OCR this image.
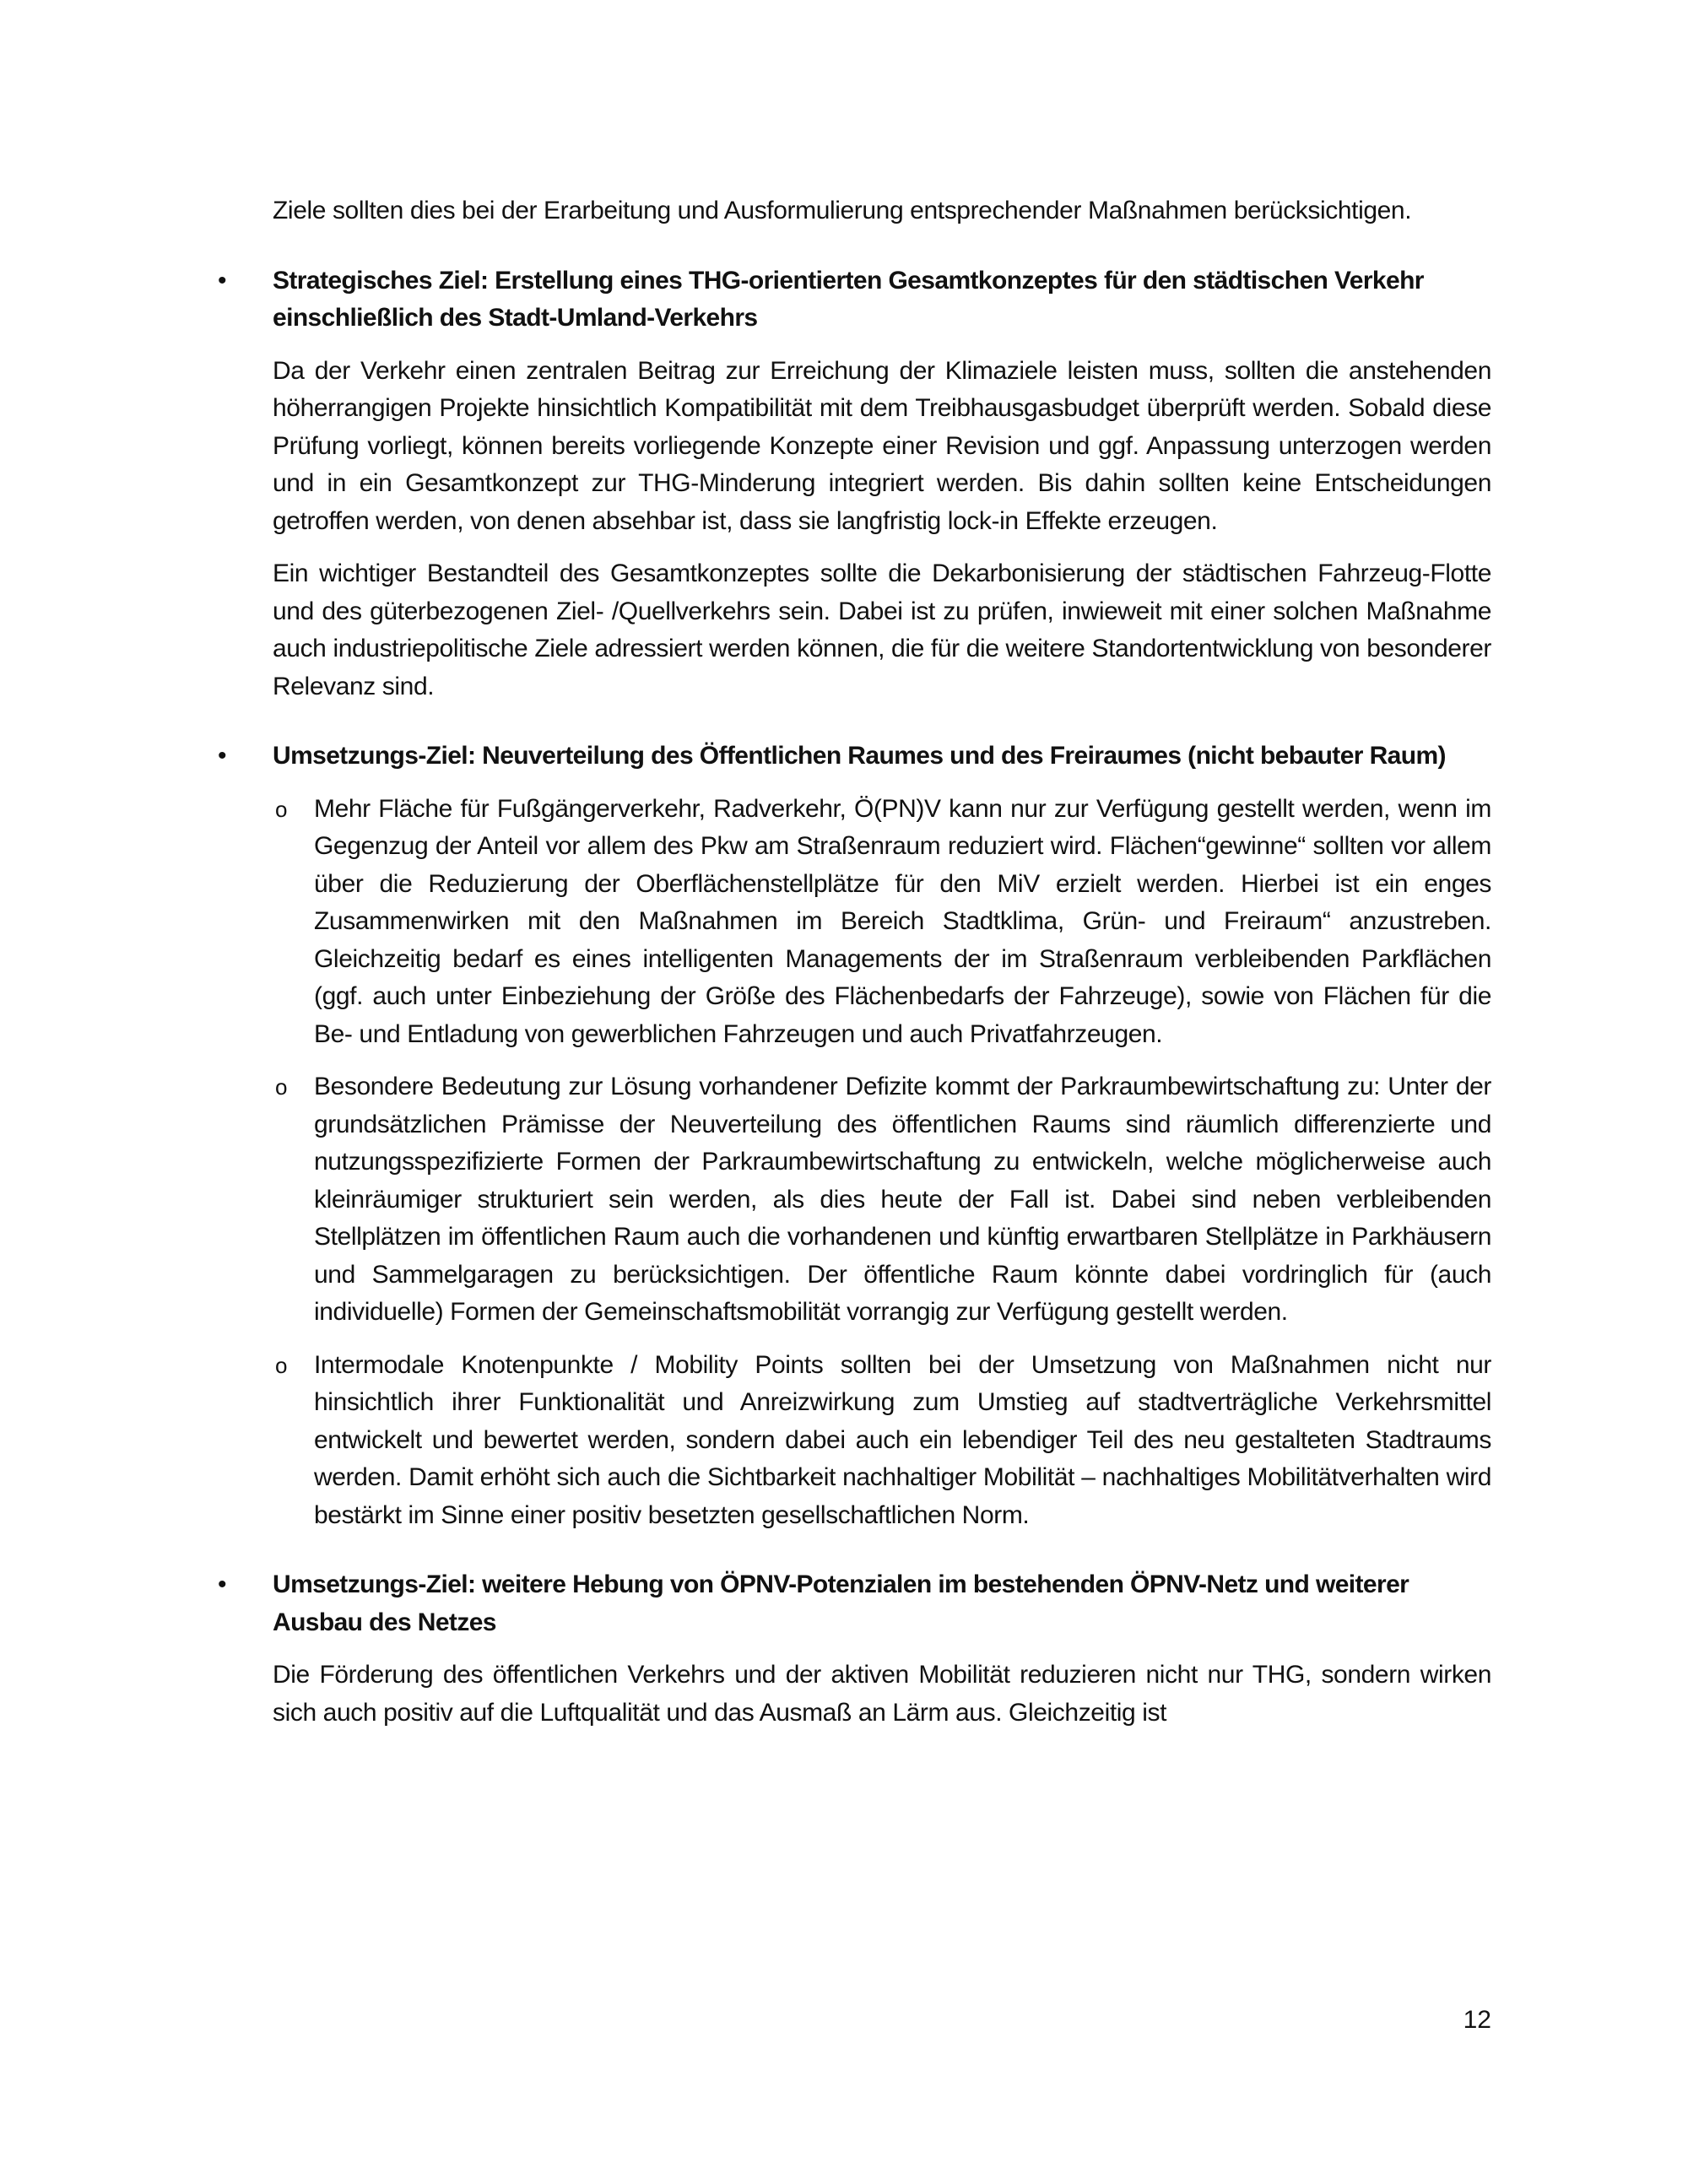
Ziele sollten dies bei der Erarbeitung und Ausformulierung entsprechender Maßnahmen berücksichtigen.

• Strategisches Ziel: Erstellung eines THG-orientierten Gesamtkonzeptes für den städtischen Verkehr einschließlich des Stadt-Umland-Verkehrs

Da der Verkehr einen zentralen Beitrag zur Erreichung der Klimaziele leisten muss, sollten die anstehenden höherrangigen Projekte hinsichtlich Kompatibilität mit dem Treibhausgasbudget überprüft werden. Sobald diese Prüfung vorliegt, können bereits vorliegende Konzepte einer Revision und ggf. Anpassung unterzogen werden und in ein Gesamtkonzept zur THG-Minderung integriert werden. Bis dahin sollten keine Entscheidungen getroffen werden, von denen absehbar ist, dass sie langfristig lock-in Effekte erzeugen.

Ein wichtiger Bestandteil des Gesamtkonzeptes sollte die Dekarbonisierung der städtischen Fahrzeug-Flotte und des güterbezogenen Ziel- /Quellverkehrs sein. Dabei ist zu prüfen, inwieweit mit einer solchen Maßnahme auch industriepolitische Ziele adressiert werden können, die für die weitere Standortentwicklung von besonderer Relevanz sind.

• Umsetzungs-Ziel: Neuverteilung des Öffentlichen Raumes und des Freiraumes (nicht bebauter Raum)

o Mehr Fläche für Fußgängerverkehr, Radverkehr, Ö(PN)V kann nur zur Verfügung gestellt werden, wenn im Gegenzug der Anteil vor allem des Pkw am Straßenraum reduziert wird. Flächen“gewinne“ sollten vor allem über die Reduzierung der Oberflächenstellplätze für den MiV erzielt werden. Hierbei ist ein enges Zusammenwirken mit den Maßnahmen im Bereich Stadtklima, Grün- und Freiraum“ anzustreben. Gleichzeitig bedarf es eines intelligenten Managements der im Straßenraum verbleibenden Parkflächen (ggf. auch unter Einbeziehung der Größe des Flächenbedarfs der Fahrzeuge), sowie von Flächen für die Be- und Entladung von gewerblichen Fahrzeugen und auch Privatfahrzeugen.

o Besondere Bedeutung zur Lösung vorhandener Defizite kommt der Parkraumbewirtschaftung zu: Unter der grundsätzlichen Prämisse der Neuverteilung des öffentlichen Raums sind räumlich differenzierte und nutzungsspezifizierte Formen der Parkraumbewirtschaftung zu entwickeln, welche möglicherweise auch kleinräumiger strukturiert sein werden, als dies heute der Fall ist. Dabei sind neben verbleibenden Stellplätzen im öffentlichen Raum auch die vorhandenen und künftig erwartbaren Stellplätze in Parkhäusern und Sammelgaragen zu berücksichtigen. Der öffentliche Raum könnte dabei vordringlich für (auch individuelle) Formen der Gemeinschaftsmobilität vorrangig zur Verfügung gestellt werden.

o Intermodale Knotenpunkte / Mobility Points sollten bei der Umsetzung von Maßnahmen nicht nur hinsichtlich ihrer Funktionalität und Anreizwirkung zum Umstieg auf stadtverträgliche Verkehrsmittel entwickelt und bewertet werden, sondern dabei auch ein lebendiger Teil des neu gestalteten Stadtraums werden. Damit erhöht sich auch die Sichtbarkeit nachhaltiger Mobilität – nachhaltiges Mobilitätverhalten wird bestärkt im Sinne einer positiv besetzten gesellschaftlichen Norm.

• Umsetzungs-Ziel: weitere Hebung von ÖPNV-Potenzialen im bestehenden ÖPNV-Netz und weiterer Ausbau des Netzes

Die Förderung des öffentlichen Verkehrs und der aktiven Mobilität reduzieren nicht nur THG, sondern wirken sich auch positiv auf die Luftqualität und das Ausmaß an Lärm aus. Gleichzeitig ist

12
